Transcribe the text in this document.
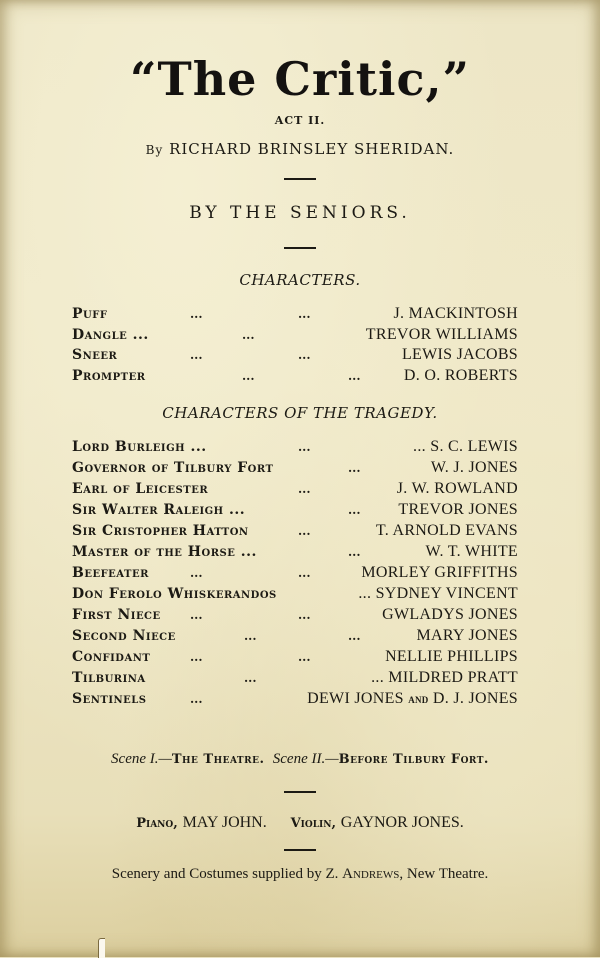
“The Critic,”
ACT II.
By RICHARD BRINSLEY SHERIDAN.
BY THE SENIORS.
CHARACTERS.
Puff	...	...	J. MACKINTOSH
Dangle ...	...	TREVOR WILLIAMS
Sneer	...	...	LEWIS JACOBS
Prompter	...	...	D. O. ROBERTS
CHARACTERS OF THE TRAGEDY.
Lord Burleigh ...	...	... S. C. LEWIS
Governor of Tilbury Fort	...	W. J. JONES
Earl of Leicester	...	J. W. ROWLAND
Sir Walter Raleigh ...	... TREVOR JONES
Sir Cristopher Hatton	...	T. ARNOLD EVANS
Master of the Horse ...	...	W. T. WHITE
Beefeater	...	...	MORLEY GRIFFITHS
Don Ferolo Whiskerandos	... SYDNEY VINCENT
First Niece ...	...	GWLADYS JONES
Second Niece	...	...	MARY JONES
Confidant	...	...	NELLIE PHILLIPS
Tilburina	...	... MILDRED PRATT
Sentinels	...	DEWI JONES and D. J. JONES
Scene I.—The Theatre. Scene II.—Before Tilbury Fort.
Piano, MAY JOHN. Violin, GAYNOR JONES.
Scenery and Costumes supplied by Z. Andrews, New Theatre.
